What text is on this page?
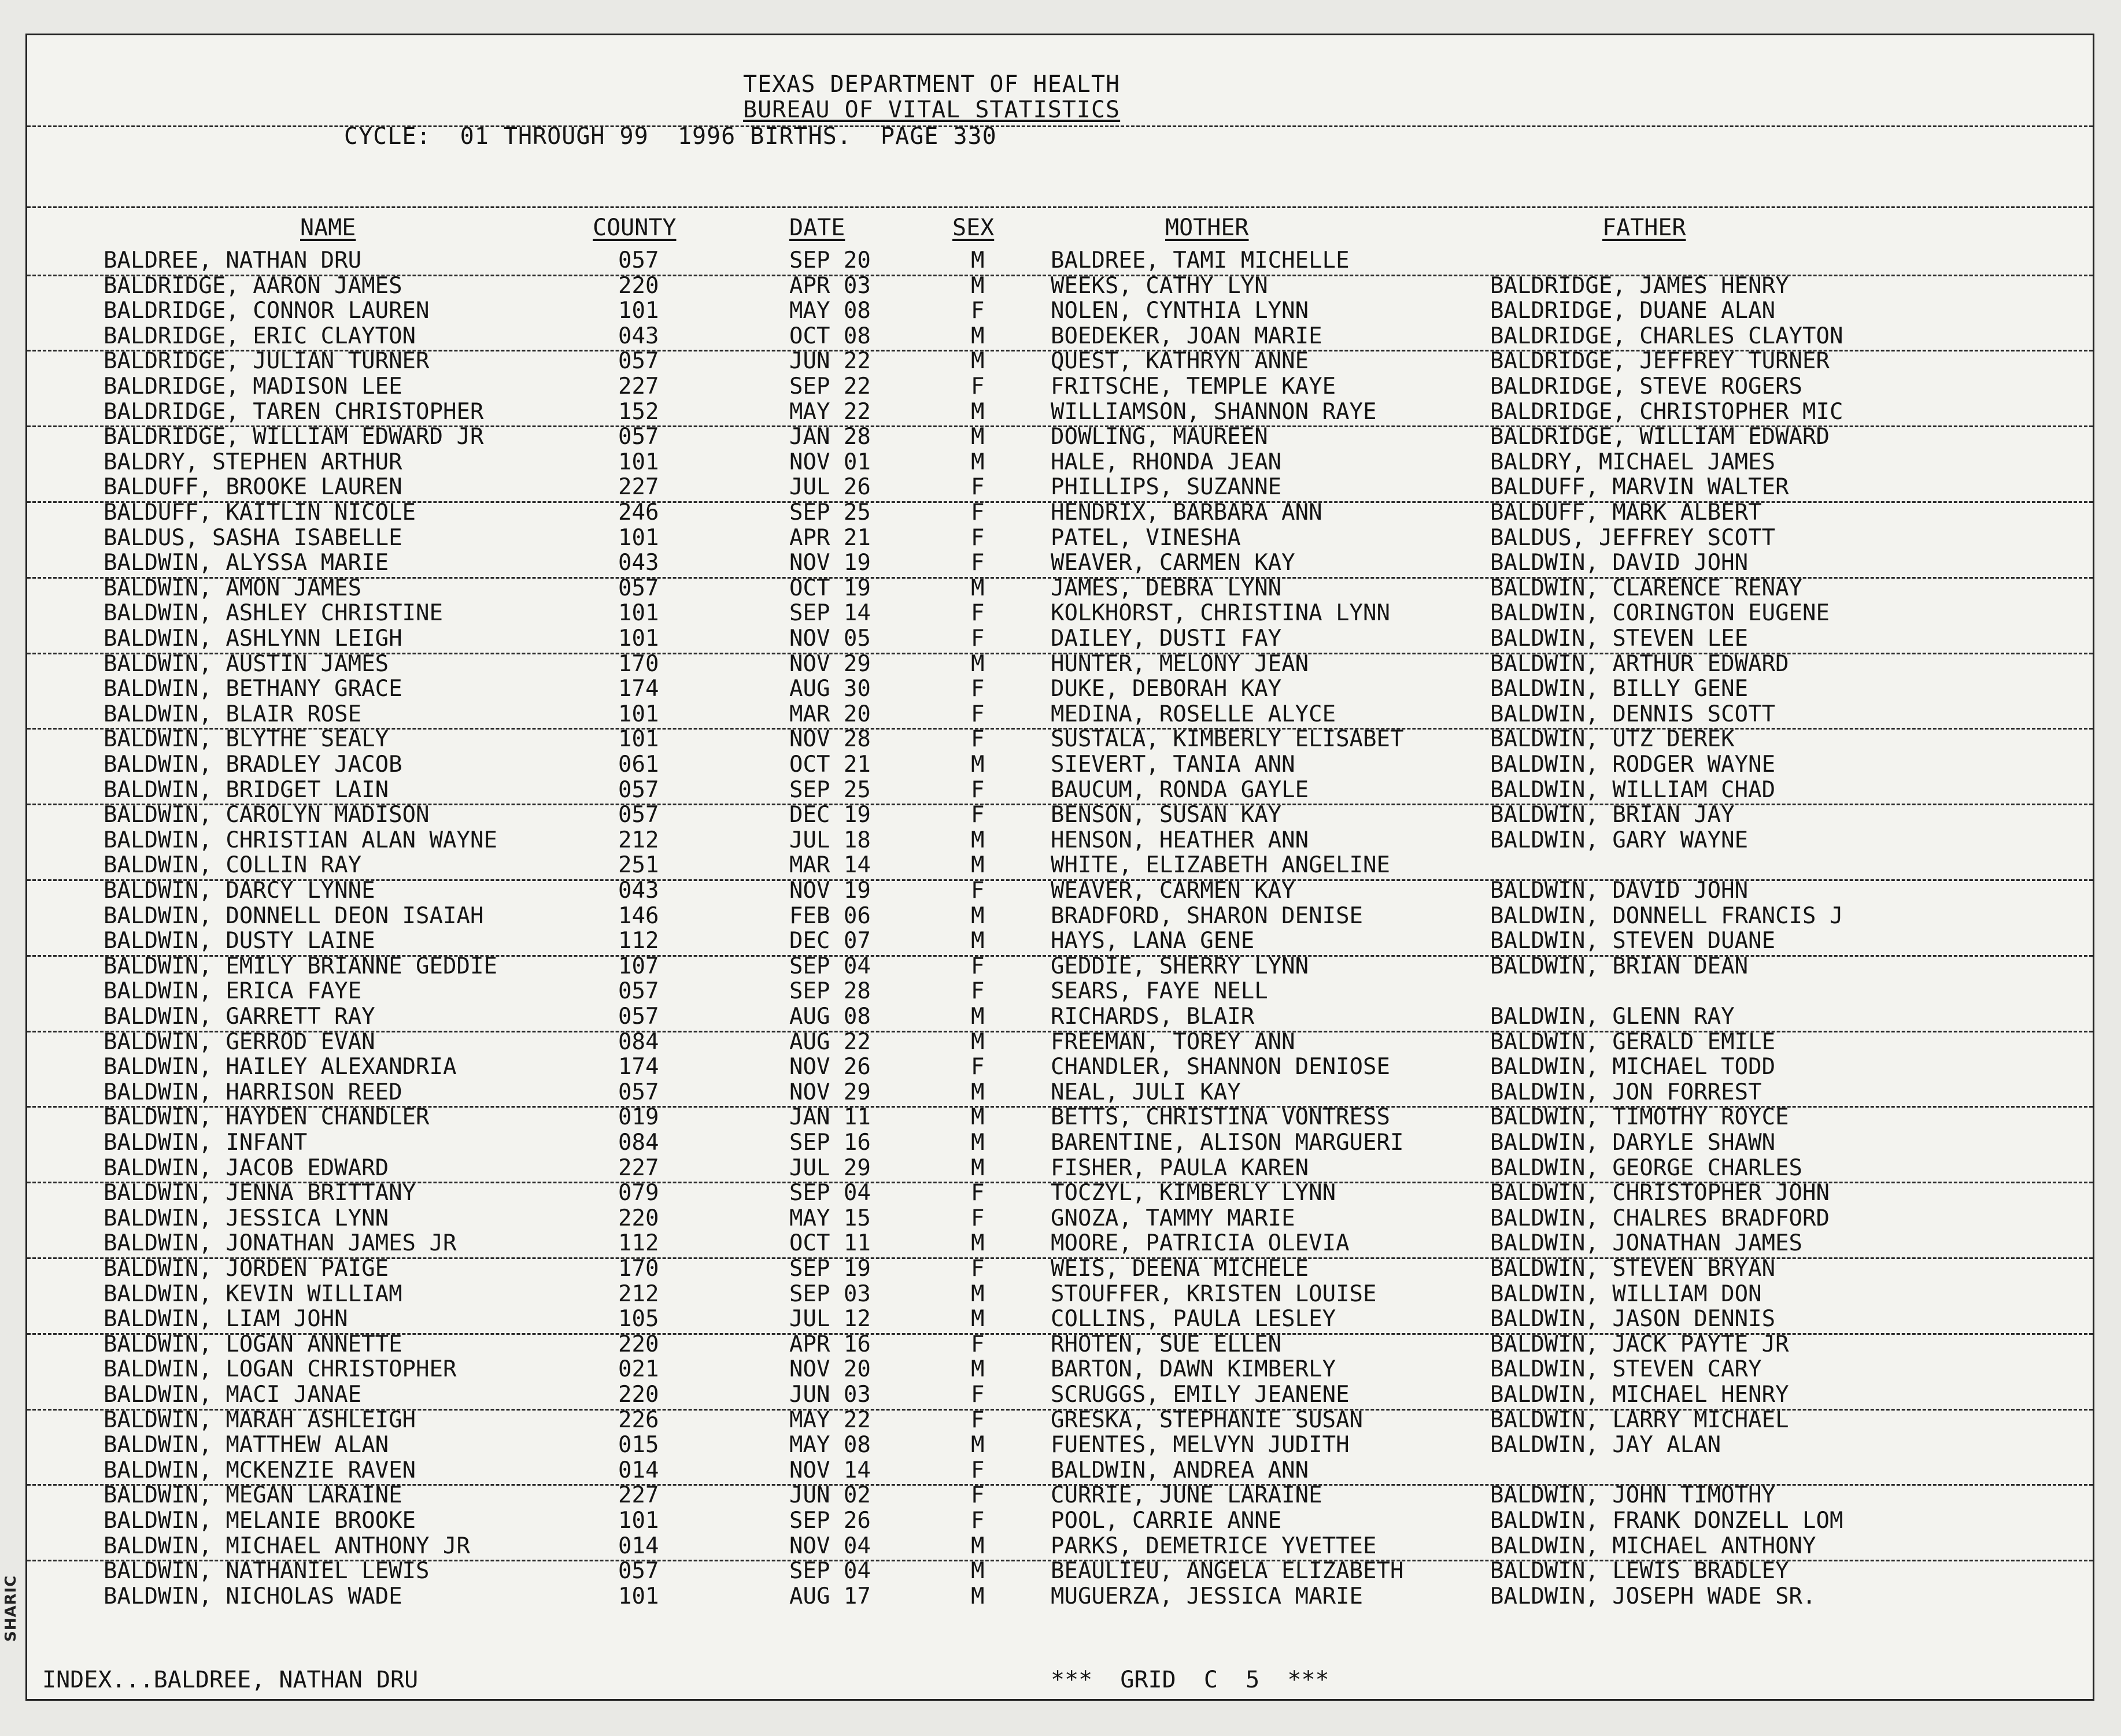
SHARIC
TEXAS DEPARTMENT OF HEALTH
BUREAU OF VITAL STATISTICS
CYCLE:  01 THROUGH 99  1996 BIRTHS.  PAGE 330
NAME	COUNTY	DATE	SEX	MOTHER	FATHER
BALDREE, NATHAN DRU	057	SEP 20	M	BALDREE, TAMI MICHELLE
BALDRIDGE, AARON JAMES	220	APR 03	M	WEEKS, CATHY LYN	BALDRIDGE, JAMES HENRY
BALDRIDGE, CONNOR LAUREN	101	MAY 08	F	NOLEN, CYNTHIA LYNN	BALDRIDGE, DUANE ALAN
BALDRIDGE, ERIC CLAYTON	043	OCT 08	M	BOEDEKER, JOAN MARIE	BALDRIDGE, CHARLES CLAYTON
BALDRIDGE, JULIAN TURNER	057	JUN 22	M	QUEST, KATHRYN ANNE	BALDRIDGE, JEFFREY TURNER
BALDRIDGE, MADISON LEE	227	SEP 22	F	FRITSCHE, TEMPLE KAYE	BALDRIDGE, STEVE ROGERS
BALDRIDGE, TAREN CHRISTOPHER	152	MAY 22	M	WILLIAMSON, SHANNON RAYE	BALDRIDGE, CHRISTOPHER MIC
BALDRIDGE, WILLIAM EDWARD JR	057	JAN 28	M	DOWLING, MAUREEN	BALDRIDGE, WILLIAM EDWARD
BALDRY, STEPHEN ARTHUR	101	NOV 01	M	HALE, RHONDA JEAN	BALDRY, MICHAEL JAMES
BALDUFF, BROOKE LAUREN	227	JUL 26	F	PHILLIPS, SUZANNE	BALDUFF, MARVIN WALTER
BALDUFF, KAITLIN NICOLE	246	SEP 25	F	HENDRIX, BARBARA ANN	BALDUFF, MARK ALBERT
BALDUS, SASHA ISABELLE	101	APR 21	F	PATEL, VINESHA	BALDUS, JEFFREY SCOTT
BALDWIN, ALYSSA MARIE	043	NOV 19	F	WEAVER, CARMEN KAY	BALDWIN, DAVID JOHN
BALDWIN, AMON JAMES	057	OCT 19	M	JAMES, DEBRA LYNN	BALDWIN, CLARENCE RENAY
BALDWIN, ASHLEY CHRISTINE	101	SEP 14	F	KOLKHORST, CHRISTINA LYNN	BALDWIN, CORINGTON EUGENE
BALDWIN, ASHLYNN LEIGH	101	NOV 05	F	DAILEY, DUSTI FAY	BALDWIN, STEVEN LEE
BALDWIN, AUSTIN JAMES	170	NOV 29	M	HUNTER, MELONY JEAN	BALDWIN, ARTHUR EDWARD
BALDWIN, BETHANY GRACE	174	AUG 30	F	DUKE, DEBORAH KAY	BALDWIN, BILLY GENE
BALDWIN, BLAIR ROSE	101	MAR 20	F	MEDINA, ROSELLE ALYCE	BALDWIN, DENNIS SCOTT
BALDWIN, BLYTHE SEALY	101	NOV 28	F	SUSTALA, KIMBERLY ELISABET	BALDWIN, UTZ DEREK
BALDWIN, BRADLEY JACOB	061	OCT 21	M	SIEVERT, TANIA ANN	BALDWIN, RODGER WAYNE
BALDWIN, BRIDGET LAIN	057	SEP 25	F	BAUCUM, RONDA GAYLE	BALDWIN, WILLIAM CHAD
BALDWIN, CAROLYN MADISON	057	DEC 19	F	BENSON, SUSAN KAY	BALDWIN, BRIAN JAY
BALDWIN, CHRISTIAN ALAN WAYNE	212	JUL 18	M	HENSON, HEATHER ANN	BALDWIN, GARY WAYNE
BALDWIN, COLLIN RAY	251	MAR 14	M	WHITE, ELIZABETH ANGELINE
BALDWIN, DARCY LYNNE	043	NOV 19	F	WEAVER, CARMEN KAY	BALDWIN, DAVID JOHN
BALDWIN, DONNELL DEON ISAIAH	146	FEB 06	M	BRADFORD, SHARON DENISE	BALDWIN, DONNELL FRANCIS J
BALDWIN, DUSTY LAINE	112	DEC 07	M	HAYS, LANA GENE	BALDWIN, STEVEN DUANE
BALDWIN, EMILY BRIANNE GEDDIE	107	SEP 04	F	GEDDIE, SHERRY LYNN	BALDWIN, BRIAN DEAN
BALDWIN, ERICA FAYE	057	SEP 28	F	SEARS, FAYE NELL
BALDWIN, GARRETT RAY	057	AUG 08	M	RICHARDS, BLAIR	BALDWIN, GLENN RAY
BALDWIN, GERROD EVAN	084	AUG 22	M	FREEMAN, TOREY ANN	BALDWIN, GERALD EMILE
BALDWIN, HAILEY ALEXANDRIA	174	NOV 26	F	CHANDLER, SHANNON DENIOSE	BALDWIN, MICHAEL TODD
BALDWIN, HARRISON REED	057	NOV 29	M	NEAL, JULI KAY	BALDWIN, JON FORREST
BALDWIN, HAYDEN CHANDLER	019	JAN 11	M	BETTS, CHRISTINA VONTRESS	BALDWIN, TIMOTHY ROYCE
BALDWIN, INFANT	084	SEP 16	M	BARENTINE, ALISON MARGUERI	BALDWIN, DARYLE SHAWN
BALDWIN, JACOB EDWARD	227	JUL 29	M	FISHER, PAULA KAREN	BALDWIN, GEORGE CHARLES
BALDWIN, JENNA BRITTANY	079	SEP 04	F	TOCZYL, KIMBERLY LYNN	BALDWIN, CHRISTOPHER JOHN
BALDWIN, JESSICA LYNN	220	MAY 15	F	GNOZA, TAMMY MARIE	BALDWIN, CHALRES BRADFORD
BALDWIN, JONATHAN JAMES JR	112	OCT 11	M	MOORE, PATRICIA OLEVIA	BALDWIN, JONATHAN JAMES
BALDWIN, JORDEN PAIGE	170	SEP 19	F	WEIS, DEENA MICHELE	BALDWIN, STEVEN BRYAN
BALDWIN, KEVIN WILLIAM	212	SEP 03	M	STOUFFER, KRISTEN LOUISE	BALDWIN, WILLIAM DON
BALDWIN, LIAM JOHN	105	JUL 12	M	COLLINS, PAULA LESLEY	BALDWIN, JASON DENNIS
BALDWIN, LOGAN ANNETTE	220	APR 16	F	RHOTEN, SUE ELLEN	BALDWIN, JACK PAYTE JR
BALDWIN, LOGAN CHRISTOPHER	021	NOV 20	M	BARTON, DAWN KIMBERLY	BALDWIN, STEVEN CARY
BALDWIN, MACI JANAE	220	JUN 03	F	SCRUGGS, EMILY JEANENE	BALDWIN, MICHAEL HENRY
BALDWIN, MARAH ASHLEIGH	226	MAY 22	F	GRESKA, STEPHANIE SUSAN	BALDWIN, LARRY MICHAEL
BALDWIN, MATTHEW ALAN	015	MAY 08	M	FUENTES, MELVYN JUDITH	BALDWIN, JAY ALAN
BALDWIN, MCKENZIE RAVEN	014	NOV 14	F	BALDWIN, ANDREA ANN
BALDWIN, MEGAN LARAINE	227	JUN 02	F	CURRIE, JUNE LARAINE	BALDWIN, JOHN TIMOTHY
BALDWIN, MELANIE BROOKE	101	SEP 26	F	POOL, CARRIE ANNE	BALDWIN, FRANK DONZELL LOM
BALDWIN, MICHAEL ANTHONY JR	014	NOV 04	M	PARKS, DEMETRICE YVETTEE	BALDWIN, MICHAEL ANTHONY
BALDWIN, NATHANIEL LEWIS	057	SEP 04	M	BEAULIEU, ANGELA ELIZABETH	BALDWIN, LEWIS BRADLEY
BALDWIN, NICHOLAS WADE	101	AUG 17	M	MUGUERZA, JESSICA MARIE	BALDWIN, JOSEPH WADE SR.
INDEX...BALDREE, NATHAN DRU	***  GRID  C  5  ***
